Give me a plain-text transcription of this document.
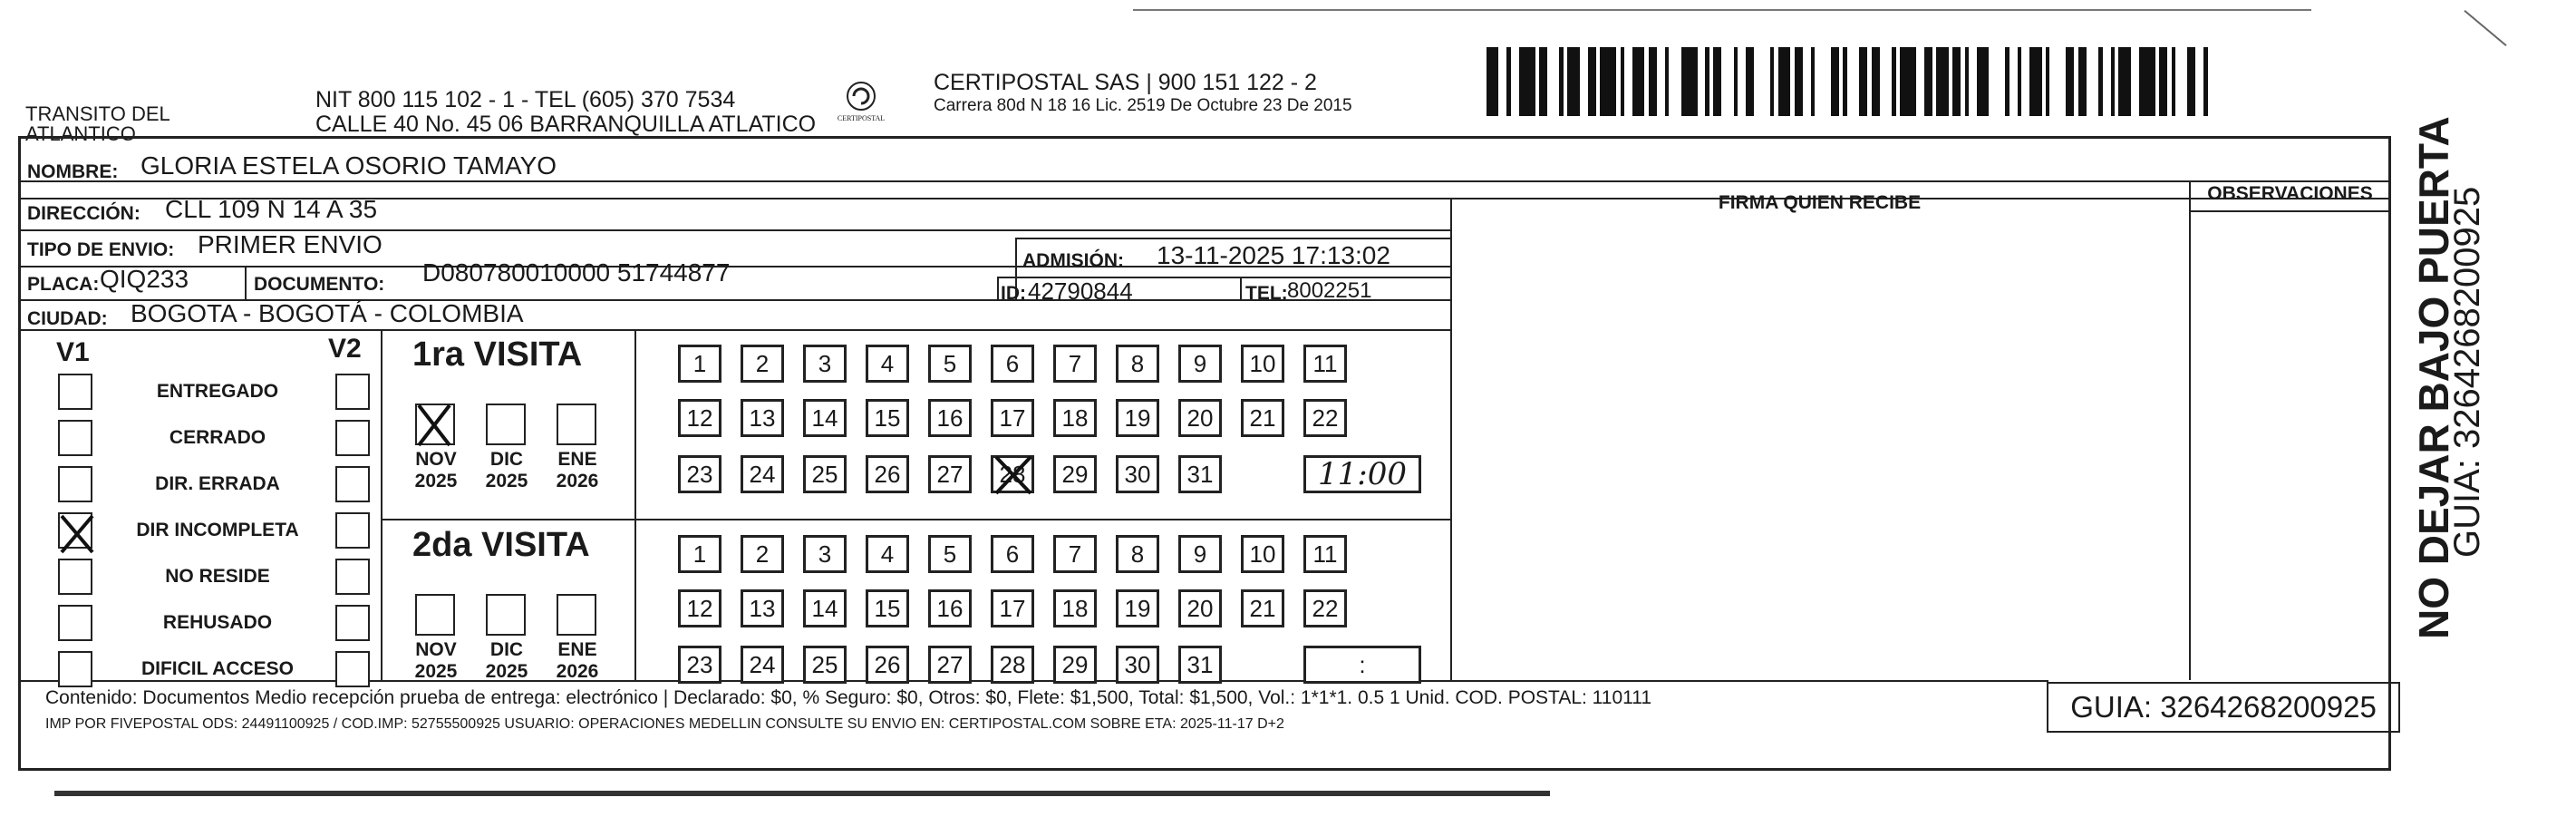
TRANSITO DEL
ATLANTICO
NIT 800 115 102 - 1 - TEL (605) 370 7534
CALLE 40 No. 45 06 BARRANQUILLA ATLATICO	CERTIPOSTAL
CERTIPOSTAL SAS | 900 151 122 - 2
Carrera 80d N 18 16 Lic. 2519 De Octubre 23 De 2015
NOMBRE: GLORIA ESTELA OSORIO TAMAYO
DIRECCIÓN: CLL 109 N 14 A 35
TIPO DE ENVIO: PRIMER ENVIO
ADMISIÓN: 13-11-2025 17:13:02
PLACA: QIQ233	DOCUMENTO: D080780010000 51744877
ID: 42790844	TEL: 8002251
CIUDAD: BOGOTA - BOGOTÁ - COLOMBIA
FIRMA QUIEN RECIBE	OBSERVACIONES
V1	V2
ENTREGADO
CERRADO
DIR. ERRADA
DIR INCOMPLETA
NO RESIDE
REHUSADO
DIFICIL ACCESO
1ra VISITA
NOV
2025
DIC
2025
ENE
2026
1	2	3	4	5	6	7	8	9	10	11
12	13	14	15	16	17	18	19	20	21	22
23	24	25	26	27	28	29	30	31	11:00
2da VISITA
NOV
2025
DIC
2025
ENE
2026
1	2	3	4	5	6	7	8	9	10	11
12	13	14	15	16	17	18	19	20	21	22
23	24	25	26	27	28	29	30	31	:
Contenido: Documentos Medio recepción prueba de entrega: electrónico | Declarado: $0, % Seguro: $0, Otros: $0, Flete: $1,500, Total: $1,500, Vol.: 1*1*1. 0.5 1 Unid. COD. POSTAL: 110111
IMP POR FIVEPOSTAL ODS: 24491100925 / COD.IMP: 52755500925 USUARIO: OPERACIONES MEDELLIN CONSULTE SU ENVIO EN: CERTIPOSTAL.COM SOBRE ETA: 2025-11-17 D+2
GUIA: 3264268200925
NO DEJAR BAJO PUERTA
GUIA: 3264268200925
